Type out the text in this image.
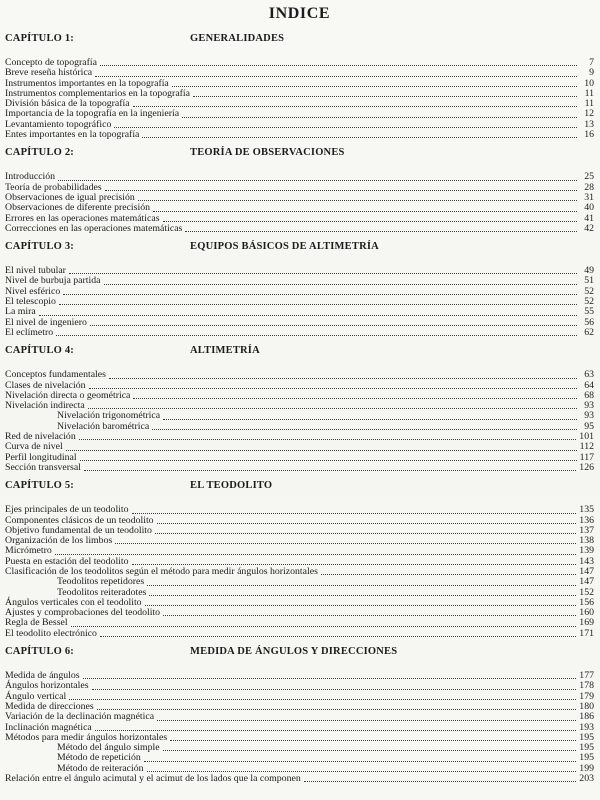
INDICE
CAPÍTULO 1:	GENERALIDADES
Concepto de topografía	7
Breve reseña histórica	9
Instrumentos importantes en la topografía	10
Instrumentos complementarios en la topografía	11
División básica de la topografía	11
Importancia de la topografía en la ingeniería	12
Levantamiento topográfico	13
Entes importantes en la topografía	16
CAPÍTULO 2:	TEORÍA DE OBSERVACIONES
Introducción	25
Teoría de probabilidades	28
Observaciones de igual precisión	31
Observaciones de diferente precisión	40
Errores en las operaciones matemáticas	41
Correcciones en las operaciones matemáticas	42
CAPÍTULO 3:	EQUIPOS BÁSICOS DE ALTIMETRÍA
El nivel tubular	49
Nivel de burbuja partida	51
Nivel esférico	52
El telescopio	52
La mira	55
El nivel de ingeniero	56
El eclímetro	62
CAPÍTULO 4:	ALTIMETRÍA
Conceptos fundamentales	63
Clases de nivelación	64
Nivelación directa o geométrica	68
Nivelación indirecta	93
Nivelación trigonométrica	93
Nivelación barométrica	95
Red de nivelación	101
Curva de nivel	112
Perfil longitudinal	117
Sección transversal	126
CAPÍTULO 5:	EL TEODOLITO
Ejes principales de un teodolito	135
Componentes clásicos de un teodolito	136
Objetivo fundamental de un teodolito	137
Organización de los limbos	138
Micrómetro	139
Puesta en estación del teodolito	143
Clasificación de los teodolitos según el método para medir ángulos horizontales	147
Teodolitos repetidores	147
Teodolitos reiteradotes	152
Ángulos verticales con el teodolito	156
Ajustes y comprobaciones del teodolito	160
Regla de Bessel	169
El teodolito electrónico	171
CAPÍTULO 6:	MEDIDA DE ÁNGULOS Y DIRECCIONES
Medida de ángulos	177
Ángulos horizontales	178
Ángulo vertical	179
Medida de direcciones	180
Variación de la declinación magnética	186
Inclinación magnética	193
Métodos para medir ángulos horizontales	195
Método del ángulo simple	195
Método de repetición	195
Método de reiteración	199
Relación entre el ángulo acimutal y el acimut de los lados que la componen	203
